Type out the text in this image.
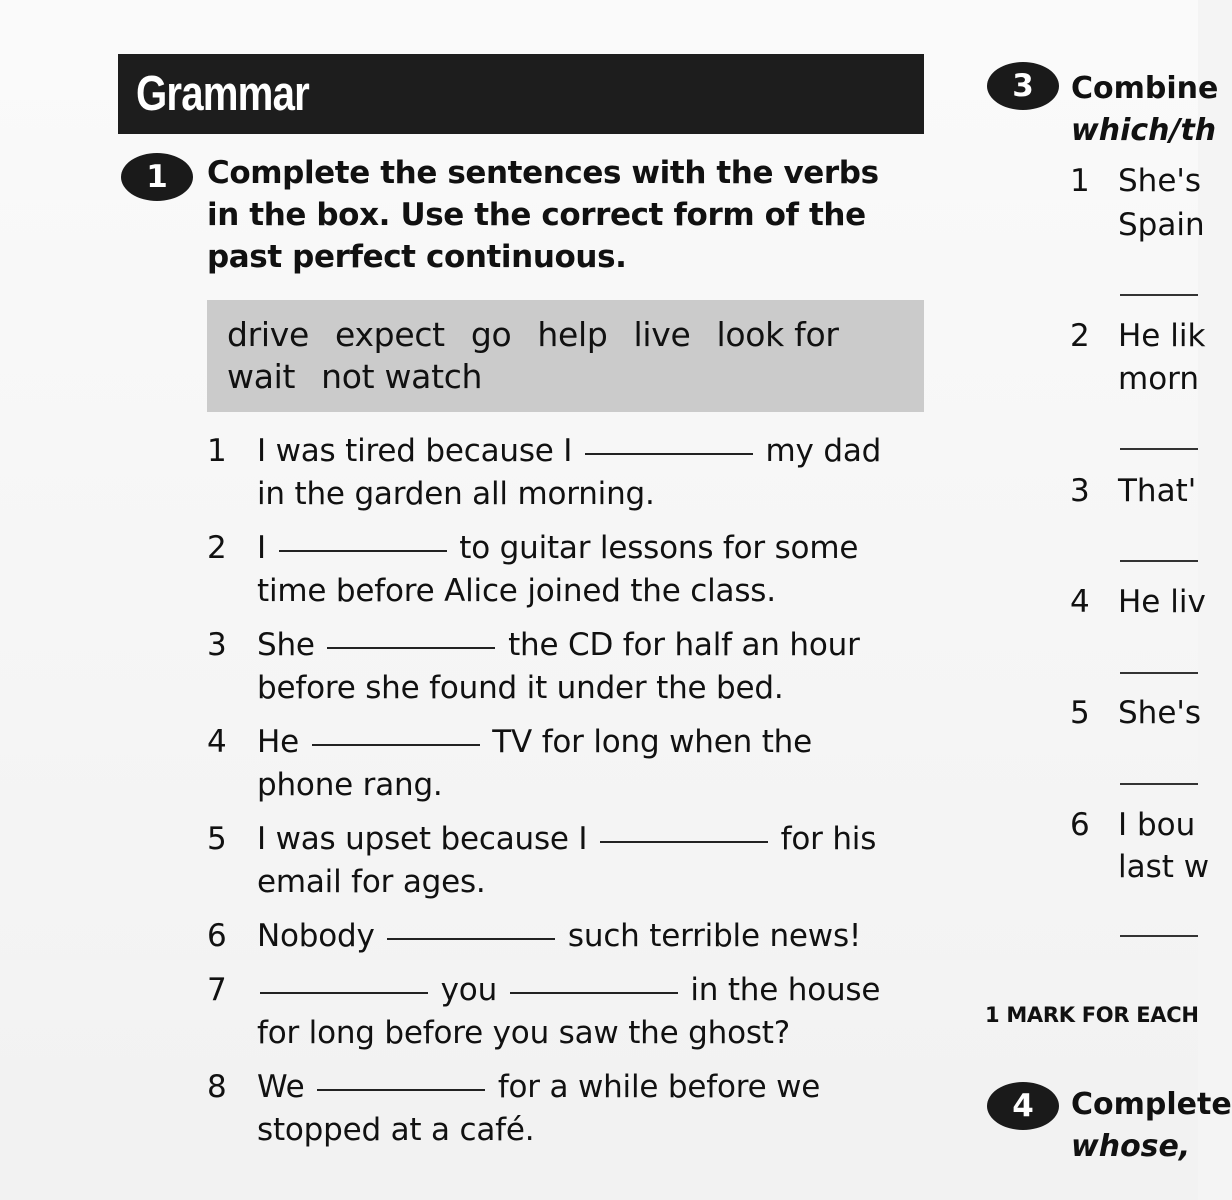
Grammar
1 Complete the sentences with the verbs in the box. Use the correct form of the past perfect continuous.
drive expect go help live look for
wait not watch
1 I was tired because I	my dad in the garden all morning.
2 I	to guitar lessons for some time before Alice joined the class.
3 She	the CD for half an hour before she found it under the bed.
4 He	TV for long when the phone rang.
5 I was upset because I	for his email for ages.
6 Nobody	such terrible news!
7	you	in the house for long before you saw the ghost?
8 We	for a while before we stopped at a café.
3 Combine
which/th
1 She's
Spain
2 He lik
morn
3 That'
4 He liv
5 She's
6 I bou
last w
1 MARK FOR EACH
4 Complete
whose,
